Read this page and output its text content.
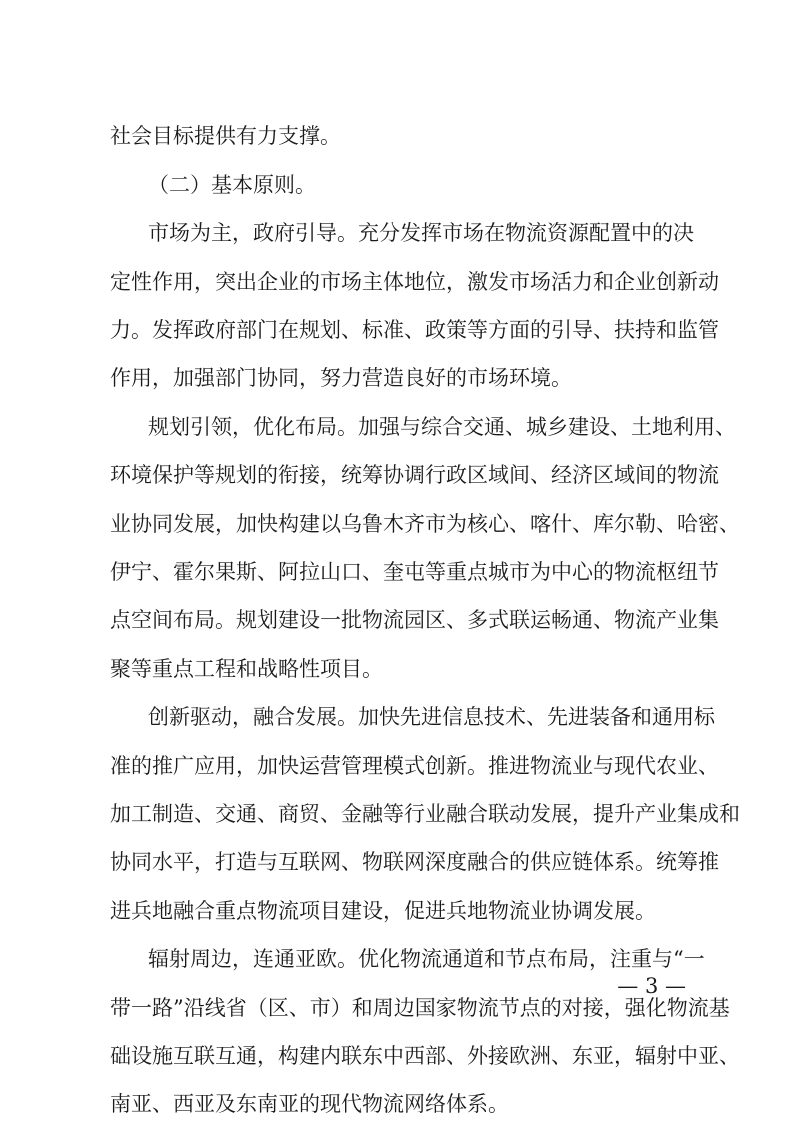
社会目标提供有力支撑。
（二）基本原则。
市场为主，政府引导。充分发挥市场在物流资源配置中的决
定性作用，突出企业的市场主体地位，激发市场活力和企业创新动
力。发挥政府部门在规划、标准、政策等方面的引导、扶持和监管
作用，加强部门协同，努力营造良好的市场环境。
规划引领，优化布局。加强与综合交通、城乡建设、土地利用、
环境保护等规划的衔接，统筹协调行政区域间、经济区域间的物流
业协同发展，加快构建以乌鲁木齐市为核心、喀什、库尔勒、哈密、
伊宁、霍尔果斯、阿拉山口、奎屯等重点城市为中心的物流枢纽节
点空间布局。规划建设一批物流园区、多式联运畅通、物流产业集
聚等重点工程和战略性项目。
创新驱动，融合发展。加快先进信息技术、先进装备和通用标
准的推广应用，加快运营管理模式创新。推进物流业与现代农业、
加工制造、交通、商贸、金融等行业融合联动发展，提升产业集成和
协同水平，打造与互联网、物联网深度融合的供应链体系。统筹推
进兵地融合重点物流项目建设，促进兵地物流业协调发展。
辐射周边，连通亚欧。优化物流通道和节点布局，注重与“一
带一路”沿线省（区、市）和周边国家物流节点的对接，强化物流基
础设施互联互通，构建内联东中西部、外接欧洲、东亚，辐射中亚、
南亚、西亚及东南亚的现代物流网络体系。
— 3 —
